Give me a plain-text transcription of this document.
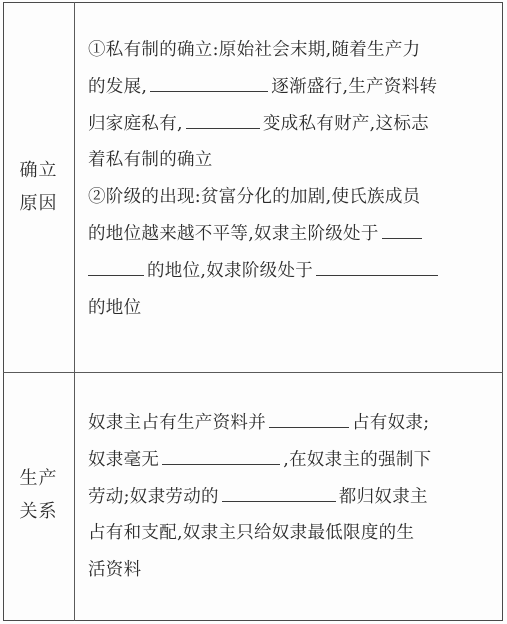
确立
原因
①私有制的确立:原始社会末期,随着生产力
的发展,	逐渐盛行,生产资料转
归家庭私有,	变成私有财产,这标志
着私有制的确立
②阶级的出现:贫富分化的加剧,使氏族成员
的地位越来越不平等,奴隶主阶级处于
的地位,奴隶阶级处于
的地位
生产
关系
奴隶主占有生产资料并	占有奴隶;
奴隶毫无	,在奴隶主的强制下
劳动;奴隶劳动的	都归奴隶主
占有和支配,奴隶主只给奴隶最低限度的生
活资料
